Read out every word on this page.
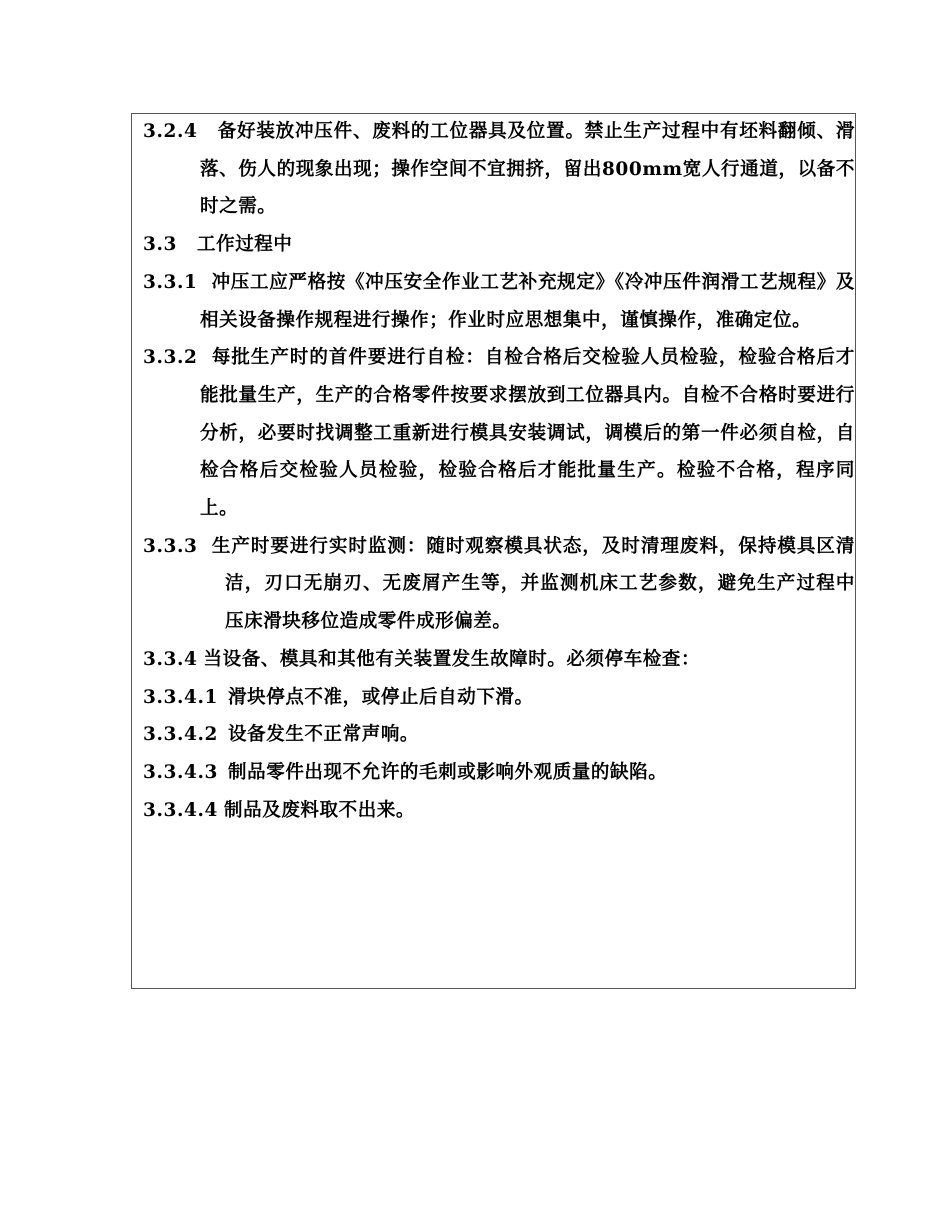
3.2.4 备好装放冲压件、废料的工位器具及位置。禁止生产过程中有坯料翻倾、滑落、伤人的现象出现；操作空间不宜拥挤，留出800mm宽人行通道，以备不时之需。
3.3 工作过程中
3.3.1 冲压工应严格按《冲压安全作业工艺补充规定》《冷冲压件润滑工艺规程》及相关设备操作规程进行操作；作业时应思想集中，谨慎操作，准确定位。
3.3.2 每批生产时的首件要进行自检：自检合格后交检验人员检验，检验合格后才能批量生产，生产的合格零件按要求摆放到工位器具内。自检不合格时要进行分析，必要时找调整工重新进行模具安装调试，调模后的第一件必须自检，自检合格后交检验人员检验，检验合格后才能批量生产。检验不合格，程序同上。
3.3.3 生产时要进行实时监测：随时观察模具状态，及时清理废料，保持模具区清洁，刃口无崩刃、无废屑产生等，并监测机床工艺参数，避免生产过程中压床滑块移位造成零件成形偏差。
3.3.4 当设备、模具和其他有关装置发生故障时。必须停车检查：
3.3.4.1 滑块停点不准，或停止后自动下滑。
3.3.4.2 设备发生不正常声响。
3.3.4.3 制品零件出现不允许的毛刺或影响外观质量的缺陷。
3.3.4.4 制品及废料取不出来。
